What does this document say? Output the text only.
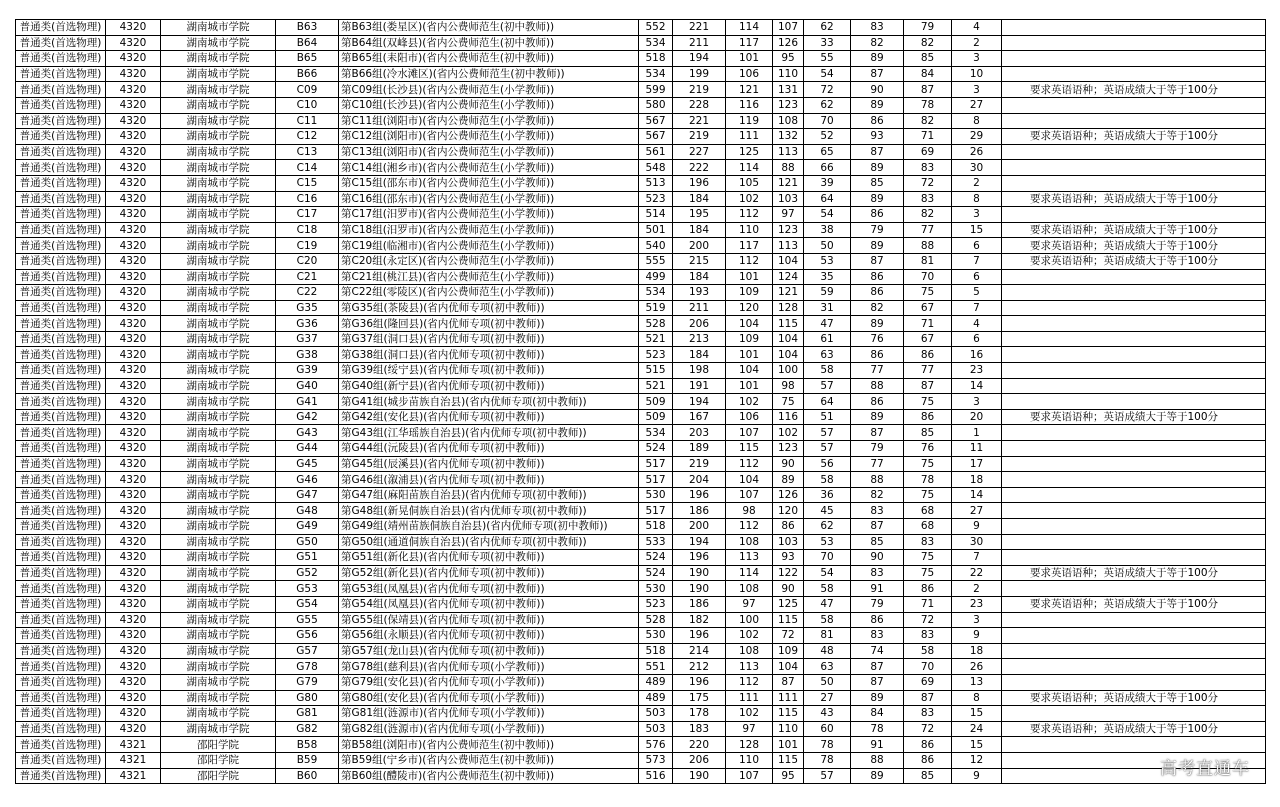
普通类(首选物理)	4320	湖南城市学院	B63	第B63组(娄星区)(省内公费师范生(初中教师))	552	221	114	107	62	83	79	4	
普通类(首选物理)	4320	湖南城市学院	B64	第B64组(双峰县)(省内公费师范生(初中教师))	534	211	117	126	33	82	82	2	
普通类(首选物理)	4320	湖南城市学院	B65	第B65组(耒阳市)(省内公费师范生(初中教师))	518	194	101	95	55	89	85	3	
普通类(首选物理)	4320	湖南城市学院	B66	第B66组(冷水滩区)(省内公费师范生(初中教师))	534	199	106	110	54	87	84	10	
普通类(首选物理)	4320	湖南城市学院	C09	第C09组(长沙县)(省内公费师范生(小学教师))	599	219	121	131	72	90	87	3	要求英语语种；英语成绩大于等于100分
普通类(首选物理)	4320	湖南城市学院	C10	第C10组(长沙县)(省内公费师范生(小学教师))	580	228	116	123	62	89	78	27	
普通类(首选物理)	4320	湖南城市学院	C11	第C11组(浏阳市)(省内公费师范生(小学教师))	567	221	119	108	70	86	82	8	
普通类(首选物理)	4320	湖南城市学院	C12	第C12组(浏阳市)(省内公费师范生(小学教师))	567	219	111	132	52	93	71	29	要求英语语种；英语成绩大于等于100分
普通类(首选物理)	4320	湖南城市学院	C13	第C13组(浏阳市)(省内公费师范生(小学教师))	561	227	125	113	65	87	69	26	
普通类(首选物理)	4320	湖南城市学院	C14	第C14组(湘乡市)(省内公费师范生(小学教师))	548	222	114	88	66	89	83	30	
普通类(首选物理)	4320	湖南城市学院	C15	第C15组(邵东市)(省内公费师范生(小学教师))	513	196	105	121	39	85	72	2	
普通类(首选物理)	4320	湖南城市学院	C16	第C16组(邵东市)(省内公费师范生(小学教师))	523	184	102	103	64	89	83	8	要求英语语种；英语成绩大于等于100分
普通类(首选物理)	4320	湖南城市学院	C17	第C17组(汨罗市)(省内公费师范生(小学教师))	514	195	112	97	54	86	82	3	
普通类(首选物理)	4320	湖南城市学院	C18	第C18组(汨罗市)(省内公费师范生(小学教师))	501	184	110	123	38	79	77	15	要求英语语种；英语成绩大于等于100分
普通类(首选物理)	4320	湖南城市学院	C19	第C19组(临湘市)(省内公费师范生(小学教师))	540	200	117	113	50	89	88	6	要求英语语种；英语成绩大于等于100分
普通类(首选物理)	4320	湖南城市学院	C20	第C20组(永定区)(省内公费师范生(小学教师))	555	215	112	104	53	87	81	7	要求英语语种；英语成绩大于等于100分
普通类(首选物理)	4320	湖南城市学院	C21	第C21组(桃江县)(省内公费师范生(小学教师))	499	184	101	124	35	86	70	6	
普通类(首选物理)	4320	湖南城市学院	C22	第C22组(零陵区)(省内公费师范生(小学教师))	534	193	109	121	59	86	75	5	
普通类(首选物理)	4320	湖南城市学院	G35	第G35组(茶陵县)(省内优师专项(初中教师))	519	211	120	128	31	82	67	7	
普通类(首选物理)	4320	湖南城市学院	G36	第G36组(隆回县)(省内优师专项(初中教师))	528	206	104	115	47	89	71	4	
普通类(首选物理)	4320	湖南城市学院	G37	第G37组(洞口县)(省内优师专项(初中教师))	521	213	109	104	61	76	67	6	
普通类(首选物理)	4320	湖南城市学院	G38	第G38组(洞口县)(省内优师专项(初中教师))	523	184	101	104	63	86	86	16	
普通类(首选物理)	4320	湖南城市学院	G39	第G39组(绥宁县)(省内优师专项(初中教师))	515	198	104	100	58	77	77	23	
普通类(首选物理)	4320	湖南城市学院	G40	第G40组(新宁县)(省内优师专项(初中教师))	521	191	101	98	57	88	87	14	
普通类(首选物理)	4320	湖南城市学院	G41	第G41组(城步苗族自治县)(省内优师专项(初中教师))	509	194	102	75	64	86	75	3	
普通类(首选物理)	4320	湖南城市学院	G42	第G42组(安化县)(省内优师专项(初中教师))	509	167	106	116	51	89	86	20	要求英语语种；英语成绩大于等于100分
普通类(首选物理)	4320	湖南城市学院	G43	第G43组(江华瑶族自治县)(省内优师专项(初中教师))	534	203	107	102	57	87	85	1	
普通类(首选物理)	4320	湖南城市学院	G44	第G44组(沅陵县)(省内优师专项(初中教师))	524	189	115	123	57	79	76	11	
普通类(首选物理)	4320	湖南城市学院	G45	第G45组(辰溪县)(省内优师专项(初中教师))	517	219	112	90	56	77	75	17	
普通类(首选物理)	4320	湖南城市学院	G46	第G46组(溆浦县)(省内优师专项(初中教师))	517	204	104	89	58	88	78	18	
普通类(首选物理)	4320	湖南城市学院	G47	第G47组(麻阳苗族自治县)(省内优师专项(初中教师))	530	196	107	126	36	82	75	14	
普通类(首选物理)	4320	湖南城市学院	G48	第G48组(新晃侗族自治县)(省内优师专项(初中教师))	517	186	98	120	45	83	68	27	
普通类(首选物理)	4320	湖南城市学院	G49	第G49组(靖州苗族侗族自治县)(省内优师专项(初中教师))	518	200	112	86	62	87	68	9	
普通类(首选物理)	4320	湖南城市学院	G50	第G50组(通道侗族自治县)(省内优师专项(初中教师))	533	194	108	103	53	85	83	30	
普通类(首选物理)	4320	湖南城市学院	G51	第G51组(新化县)(省内优师专项(初中教师))	524	196	113	93	70	90	75	7	
普通类(首选物理)	4320	湖南城市学院	G52	第G52组(新化县)(省内优师专项(初中教师))	524	190	114	122	54	83	75	22	要求英语语种；英语成绩大于等于100分
普通类(首选物理)	4320	湖南城市学院	G53	第G53组(凤凰县)(省内优师专项(初中教师))	530	190	108	90	58	91	86	2	
普通类(首选物理)	4320	湖南城市学院	G54	第G54组(凤凰县)(省内优师专项(初中教师))	523	186	97	125	47	79	71	23	要求英语语种；英语成绩大于等于100分
普通类(首选物理)	4320	湖南城市学院	G55	第G55组(保靖县)(省内优师专项(初中教师))	528	182	100	115	58	86	72	3	
普通类(首选物理)	4320	湖南城市学院	G56	第G56组(永顺县)(省内优师专项(初中教师))	530	196	102	72	81	83	83	9	
普通类(首选物理)	4320	湖南城市学院	G57	第G57组(龙山县)(省内优师专项(初中教师))	518	214	108	109	48	74	58	18	
普通类(首选物理)	4320	湖南城市学院	G78	第G78组(慈利县)(省内优师专项(小学教师))	551	212	113	104	63	87	70	26	
普通类(首选物理)	4320	湖南城市学院	G79	第G79组(安化县)(省内优师专项(小学教师))	489	196	112	87	50	87	69	13	
普通类(首选物理)	4320	湖南城市学院	G80	第G80组(安化县)(省内优师专项(小学教师))	489	175	111	111	27	89	87	8	要求英语语种；英语成绩大于等于100分
普通类(首选物理)	4320	湖南城市学院	G81	第G81组(涟源市)(省内优师专项(小学教师))	503	178	102	115	43	84	83	15	
普通类(首选物理)	4320	湖南城市学院	G82	第G82组(涟源市)(省内优师专项(小学教师))	503	183	97	110	60	78	72	24	要求英语语种；英语成绩大于等于100分
普通类(首选物理)	4321	邵阳学院	B58	第B58组(浏阳市)(省内公费师范生(初中教师))	576	220	128	101	78	91	86	15	
普通类(首选物理)	4321	邵阳学院	B59	第B59组(宁乡市)(省内公费师范生(初中教师))	573	206	110	115	78	88	86	12	
普通类(首选物理)	4321	邵阳学院	B60	第B60组(醴陵市)(省内公费师范生(初中教师))	516	190	107	95	57	89	85	9		高考直通车
